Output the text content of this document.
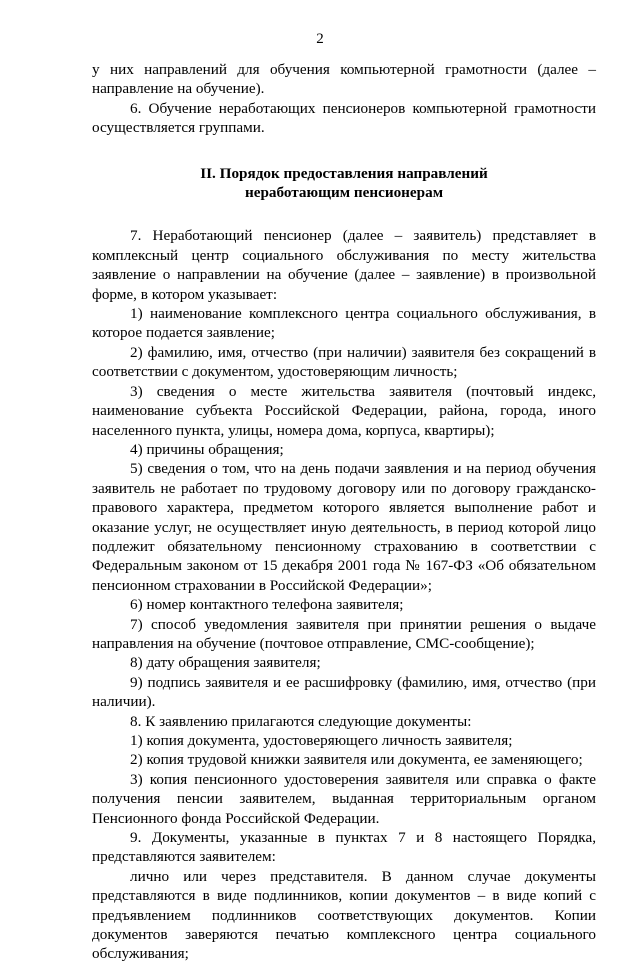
2

у них направлений для обучения компьютерной грамотности (далее – направление на обучение).

6. Обучение неработающих пенсионеров компьютерной грамотности осуществляется группами.

II. Порядок предоставления направлений
неработающим пенсионерам

7. Неработающий пенсионер (далее – заявитель) представляет в комплексный центр социального обслуживания по месту жительства заявление о направлении на обучение (далее – заявление) в произвольной форме, в котором указывает:

1) наименование комплексного центра социального обслуживания, в которое подается заявление;

2) фамилию, имя, отчество (при наличии) заявителя без сокращений в соответствии с документом, удостоверяющим личность;

3) сведения о месте жительства заявителя (почтовый индекс, наименование субъекта Российской Федерации, района, города, иного населенного пункта, улицы, номера дома, корпуса, квартиры);

4) причины обращения;

5) сведения о том, что на день подачи заявления и на период обучения заявитель не работает по трудовому договору или по договору гражданско-правового характера, предметом которого является выполнение работ и оказание услуг, не осуществляет иную деятельность, в период которой лицо подлежит обязательному пенсионному страхованию в соответствии с Федеральным законом от 15 декабря 2001 года № 167-ФЗ «Об обязательном пенсионном страховании в Российской Федерации»;

6) номер контактного телефона заявителя;

7) способ уведомления заявителя при принятии решения о выдаче направления на обучение (почтовое отправление, СМС-сообщение);

8) дату обращения заявителя;

9) подпись заявителя и ее расшифровку (фамилию, имя, отчество (при наличии).

8. К заявлению прилагаются следующие документы:

1) копия документа, удостоверяющего личность заявителя;

2) копия трудовой книжки заявителя или документа, ее заменяющего;

3) копия пенсионного удостоверения заявителя или справка о факте получения пенсии заявителем, выданная территориальным органом Пенсионного фонда Российской Федерации.

9. Документы, указанные в пунктах 7 и 8 настоящего Порядка, представляются заявителем:

лично или через представителя. В данном случае документы представляются в виде подлинников, копии документов – в виде копий с предъявлением подлинников соответствующих документов. Копии документов заверяются печатью комплексного центра социального обслуживания;
